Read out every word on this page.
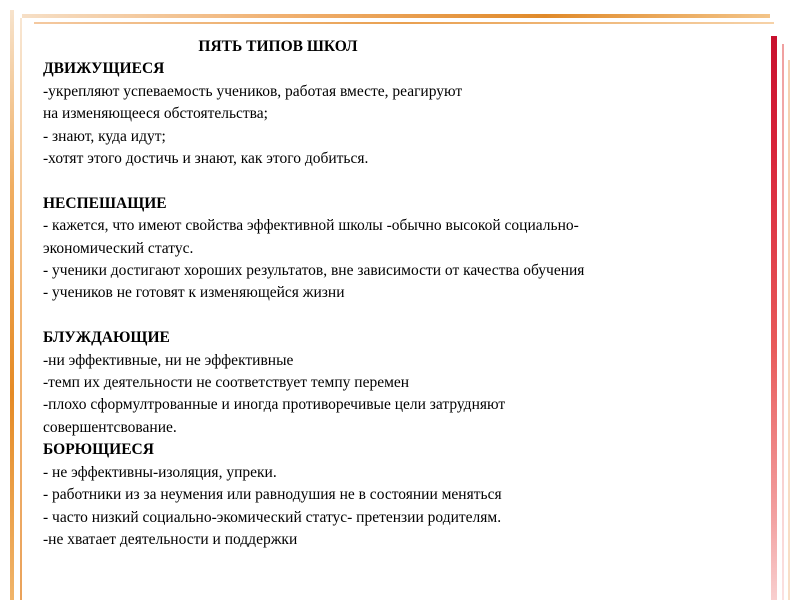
ПЯТЬ ТИПОВ ШКОЛ

ДВИЖУЩИЕСЯ

-укрепляют успеваемость учеников, работая вместе, реагируют

на изменяющееся обстоятельства;

- знают, куда идут;

-хотят этого достичь и знают, как этого добиться.

НЕСПЕШАЩИЕ

- кажется, что имеют свойства эффективной школы -обычно высокой социально-

экономический статус.

- ученики достигают хороших результатов, вне зависимости от качества обучения

- учеников не готовят к изменяющейся жизни

БЛУЖДАЮЩИЕ

-ни эффективные, ни не эффективные

-темп их деятельности не соответствует темпу перемен

-плохо сформултрованные и иногда противоречивые цели затрудняют

совершентсвование.

БОРЮЩИЕСЯ

- не эффективны-изоляция, упреки.

- работники из за неумения или равнодушия не в состоянии меняться

- часто низкий социально-экомический статус- претензии родителям.

-не хватает деятельности и поддержки
